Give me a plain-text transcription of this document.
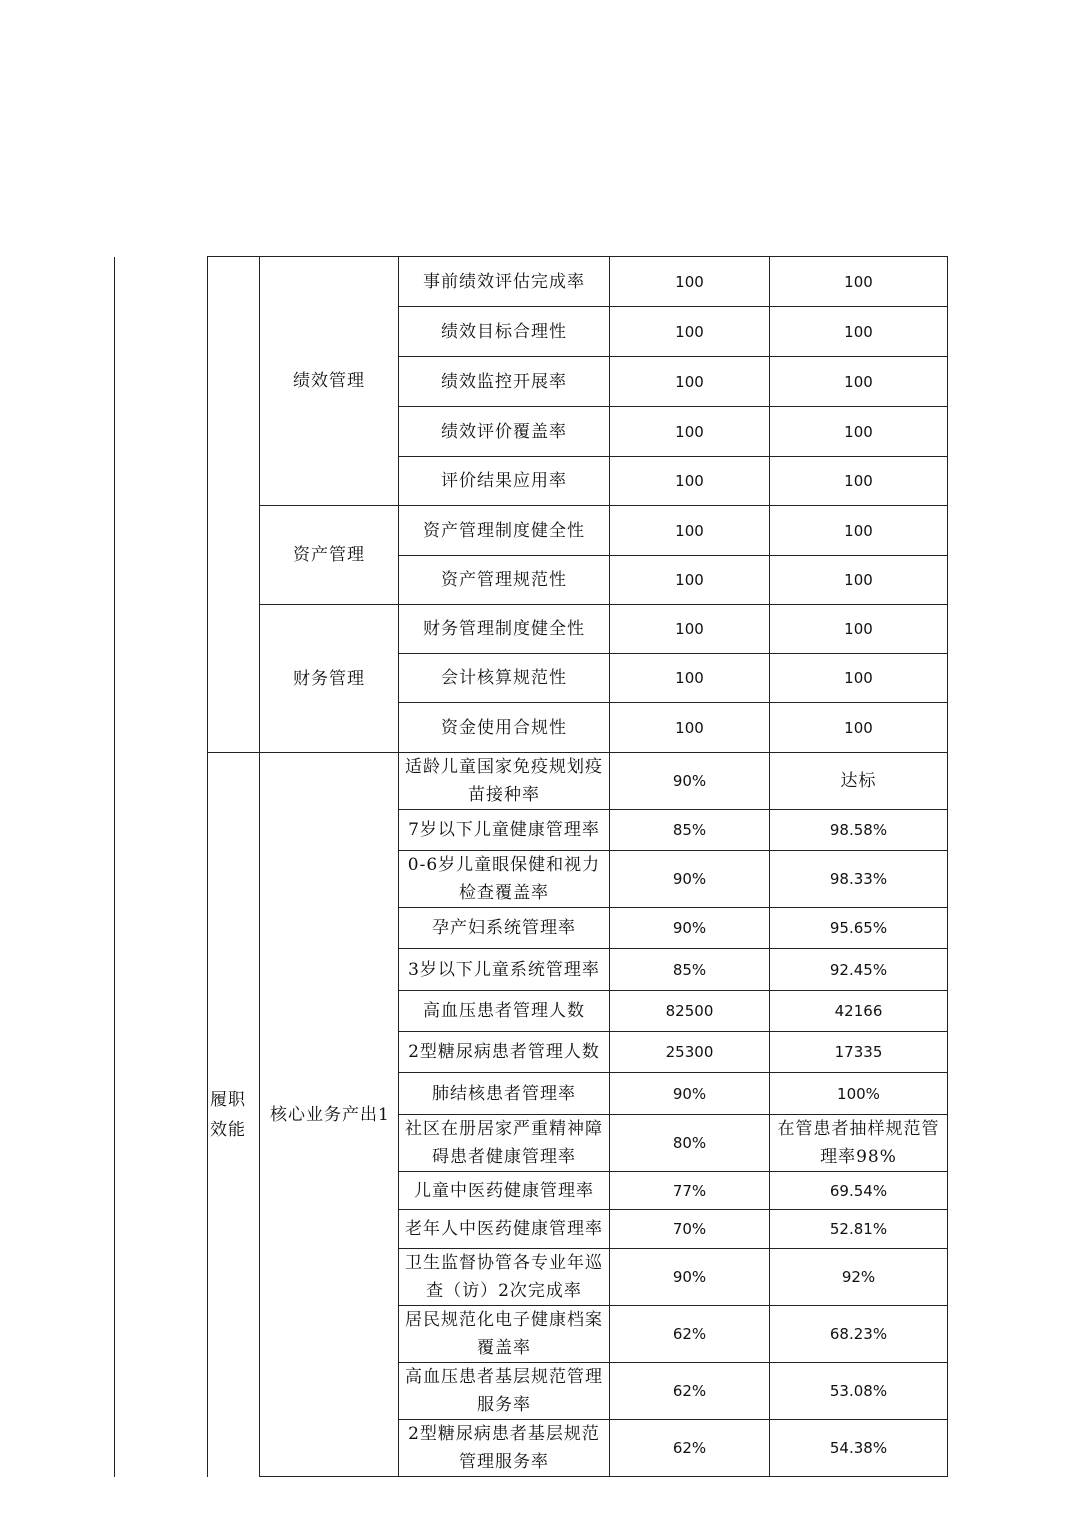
		绩效管理	事前绩效评估完成率	100	100
			绩效目标合理性	100	100
			绩效监控开展率	100	100
			绩效评价覆盖率	100	100
			评价结果应用率	100	100
		资产管理	资产管理制度健全性	100	100
			资产管理规范性	100	100
		财务管理	财务管理制度健全性	100	100
			会计核算规范性	100	100
			资金使用合规性	100	100
	履职效能	核心业务产出1	适龄儿童国家免疫规划疫苗接种率	90%	达标
			7岁以下儿童健康管理率	85%	98.58%
			0-6岁儿童眼保健和视力检查覆盖率	90%	98.33%
			孕产妇系统管理率	90%	95.65%
			3岁以下儿童系统管理率	85%	92.45%
			高血压患者管理人数	82500	42166
			2型糖尿病患者管理人数	25300	17335
			肺结核患者管理率	90%	100%
			社区在册居家严重精神障碍患者健康管理率	80%	在管患者抽样规范管理率98%
			儿童中医药健康管理率	77%	69.54%
			老年人中医药健康管理率	70%	52.81%
			卫生监督协管各专业年巡查（访）2次完成率	90%	92%
			居民规范化电子健康档案覆盖率	62%	68.23%
			高血压患者基层规范管理服务率	62%	53.08%
			2型糖尿病患者基层规范管理服务率	62%	54.38%
